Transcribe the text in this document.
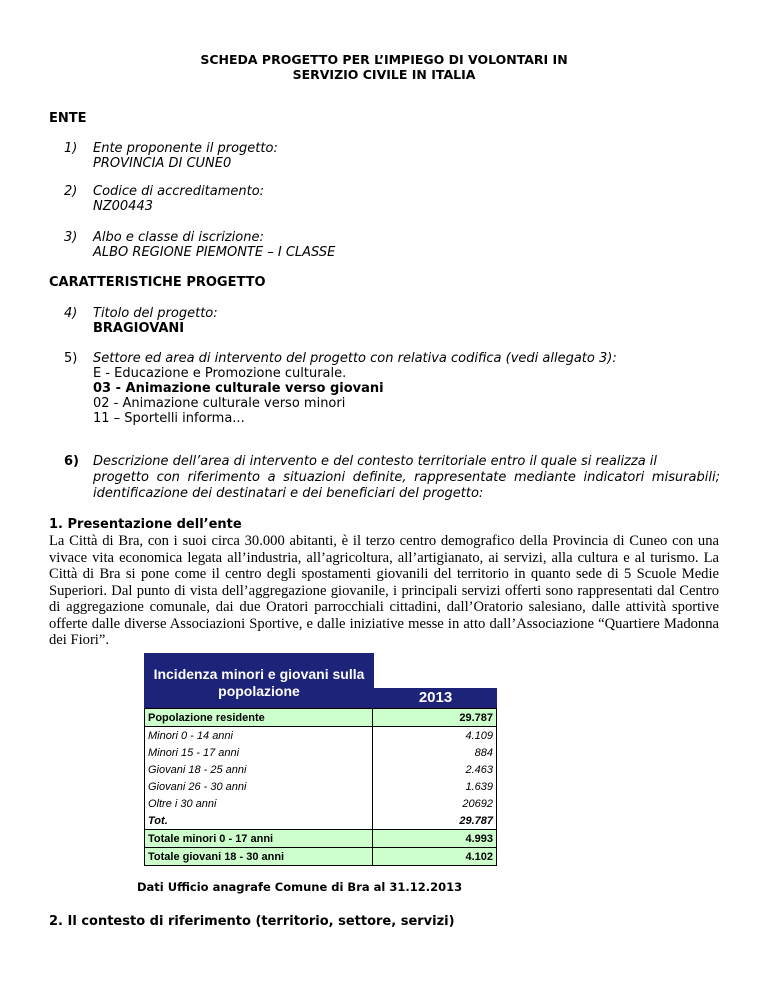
SCHEDA PROGETTO PER L’IMPIEGO DI VOLONTARI IN
SERVIZIO CIVILE IN ITALIA
ENTE
1) Ente proponente il progetto:
PROVINCIA DI CUNE0
2) Codice di accreditamento:
NZ00443
3) Albo e classe di iscrizione:
ALBO REGIONE PIEMONTE – I CLASSE
CARATTERISTICHE PROGETTO
4) Titolo del progetto:
BRAGIOVANI
5) Settore ed area di intervento del progetto con relativa codifica (vedi allegato 3):
E - Educazione e Promozione culturale.
03 - Animazione culturale verso giovani
02 - Animazione culturale verso minori
11 – Sportelli informa...
6) Descrizione dell’area di intervento e del contesto territoriale entro il quale si realizza il
progetto con riferimento a situazioni definite, rappresentate mediante indicatori misurabili; identificazione dei destinatari e dei beneficiari del progetto:
1. Presentazione dell’ente
La Città di Bra, con i suoi circa 30.000 abitanti, è il terzo centro demografico della Provincia di Cuneo con una vivace vita economica legata all’industria, all’agricoltura, all’artigianato, ai servizi, alla cultura e al turismo. La Città di Bra si pone come il centro degli spostamenti giovanili del territorio in quanto sede di 5 Scuole Medie Superiori. Dal punto di vista dell’aggregazione giovanile, i principali servizi offerti sono rappresentati dal Centro di aggregazione comunale, dai due Oratori parrocchiali cittadini, dall’Oratorio salesiano, dalle attività sportive offerte dalle diverse Associazioni Sportive, e dalle iniziative messe in atto dall’Associazione “Quartiere Madonna dei Fiori”.
Incidenza minori e giovani sulla popolazione	2013
Popolazione residente	29.787
Minori 0 - 14 anni	4.109
Minori 15 - 17 anni	884
Giovani 18 - 25 anni	2.463
Giovani 26 - 30 anni	1.639
Oltre i 30 anni	20692
Tot.	29.787
Totale minori 0 - 17 anni	4.993
Totale giovani 18 - 30 anni	4.102
Dati Ufficio anagrafe Comune di Bra al 31.12.2013
2. Il contesto di riferimento (territorio, settore, servizi)
